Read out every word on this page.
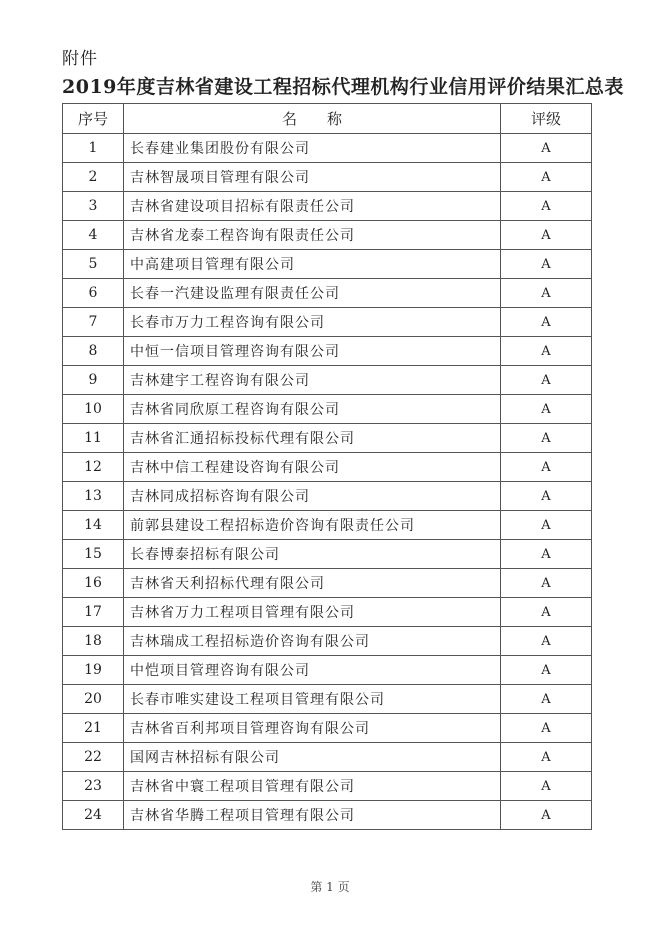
附件
2019年度吉林省建设工程招标代理机构行业信用评价结果汇总表
序号	名　　称	评级
1	长春建业集团股份有限公司	A
2	吉林智晟项目管理有限公司	A
3	吉林省建设项目招标有限责任公司	A
4	吉林省龙泰工程咨询有限责任公司	A
5	中高建项目管理有限公司	A
6	长春一汽建设监理有限责任公司	A
7	长春市万力工程咨询有限公司	A
8	中恒一信项目管理咨询有限公司	A
9	吉林建宇工程咨询有限公司	A
10	吉林省同欣原工程咨询有限公司	A
11	吉林省汇通招标投标代理有限公司	A
12	吉林中信工程建设咨询有限公司	A
13	吉林同成招标咨询有限公司	A
14	前郭县建设工程招标造价咨询有限责任公司	A
15	长春博泰招标有限公司	A
16	吉林省天利招标代理有限公司	A
17	吉林省万力工程项目管理有限公司	A
18	吉林瑞成工程招标造价咨询有限公司	A
19	中恺项目管理咨询有限公司	A
20	长春市唯实建设工程项目管理有限公司	A
21	吉林省百利邦项目管理咨询有限公司	A
22	国网吉林招标有限公司	A
23	吉林省中寰工程项目管理有限公司	A
24	吉林省华腾工程项目管理有限公司	A
第 1 页
